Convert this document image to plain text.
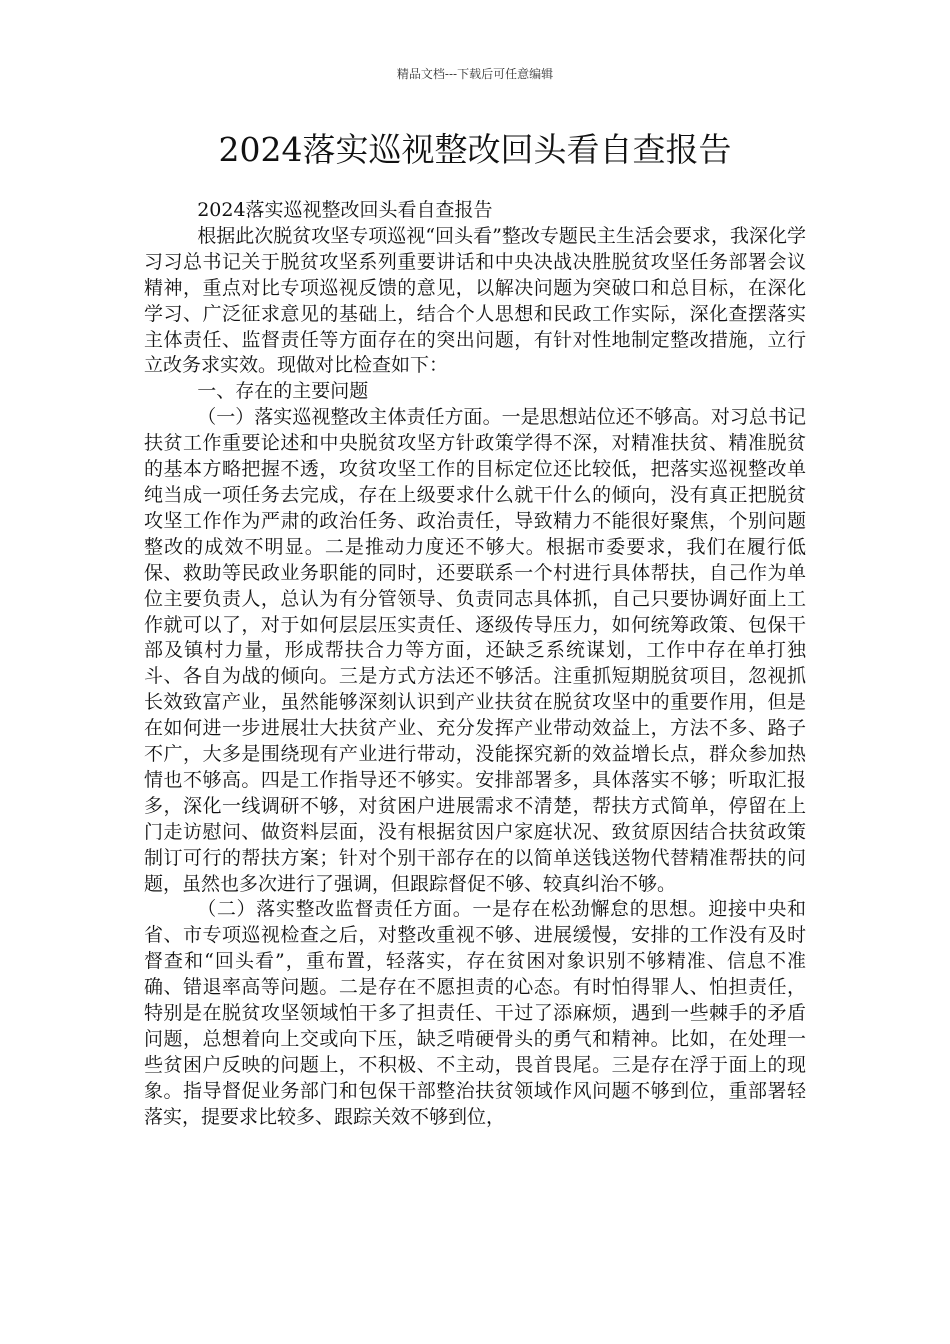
精品文档---下载后可任意编辑
2024落实巡视整改回头看自查报告

2024落实巡视整改回头看自查报告

根据此次脱贫攻坚专项巡视“回头看”整改专题民主生活会要求，我深化学习习总书记关于脱贫攻坚系列重要讲话和中央决战决胜脱贫攻坚任务部署会议精神，重点对比专项巡视反馈的意见，以解决问题为突破口和总目标，在深化学习、广泛征求意见的基础上，结合个人思想和民政工作实际，深化查摆落实主体责任、监督责任等方面存在的突出问题，有针对性地制定整改措施，立行立改务求实效。现做对比检查如下：

一、存在的主要问题

（一）落实巡视整改主体责任方面。一是思想站位还不够高。对习总书记扶贫工作重要论述和中央脱贫攻坚方针政策学得不深，对精准扶贫、精准脱贫的基本方略把握不透，攻贫攻坚工作的目标定位还比较低，把落实巡视整改单纯当成一项任务去完成，存在上级要求什么就干什么的倾向，没有真正把脱贫攻坚工作作为严肃的政治任务、政治责任，导致精力不能很好聚焦，个别问题整改的成效不明显。二是推动力度还不够大。根据市委要求，我们在履行低保、救助等民政业务职能的同时，还要联系一个村进行具体帮扶，自己作为单位主要负责人，总认为有分管领导、负责同志具体抓，自己只要协调好面上工作就可以了，对于如何层层压实责任、逐级传导压力，如何统筹政策、包保干部及镇村力量，形成帮扶合力等方面，还缺乏系统谋划，工作中存在单打独斗、各自为战的倾向。三是方式方法还不够活。注重抓短期脱贫项目，忽视抓长效致富产业，虽然能够深刻认识到产业扶贫在脱贫攻坚中的重要作用，但是在如何进一步进展壮大扶贫产业、充分发挥产业带动效益上，方法不多、路子不广，大多是围绕现有产业进行带动，没能探究新的效益增长点，群众参加热情也不够高。四是工作指导还不够实。安排部署多，具体落实不够；听取汇报多，深化一线调研不够，对贫困户进展需求不清楚，帮扶方式简单，停留在上门走访慰问、做资料层面，没有根据贫因户家庭状况、致贫原因结合扶贫政策制订可行的帮扶方案；针对个别干部存在的以简单送钱送物代替精准帮扶的问题，虽然也多次进行了强调，但跟踪督促不够、较真纠治不够。

（二）落实整改监督责任方面。一是存在松劲懈怠的思想。迎接中央和省、市专项巡视检查之后，对整改重视不够、进展缓慢，安排的工作没有及时督查和“回头看”，重布置，轻落实，存在贫困对象识别不够精准、信息不准确、错退率高等问题。二是存在不愿担责的心态。有时怕得罪人、怕担责任，特别是在脱贫攻坚领域怕干多了担责任、干过了添麻烦，遇到一些棘手的矛盾问题，总想着向上交或向下压，缺乏啃硬骨头的勇气和精神。比如，在处理一些贫困户反映的问题上，不积极、不主动，畏首畏尾。三是存在浮于面上的现象。指导督促业务部门和包保干部整治扶贫领域作风问题不够到位，重部署轻落实，提要求比较多、跟踪关效不够到位，
